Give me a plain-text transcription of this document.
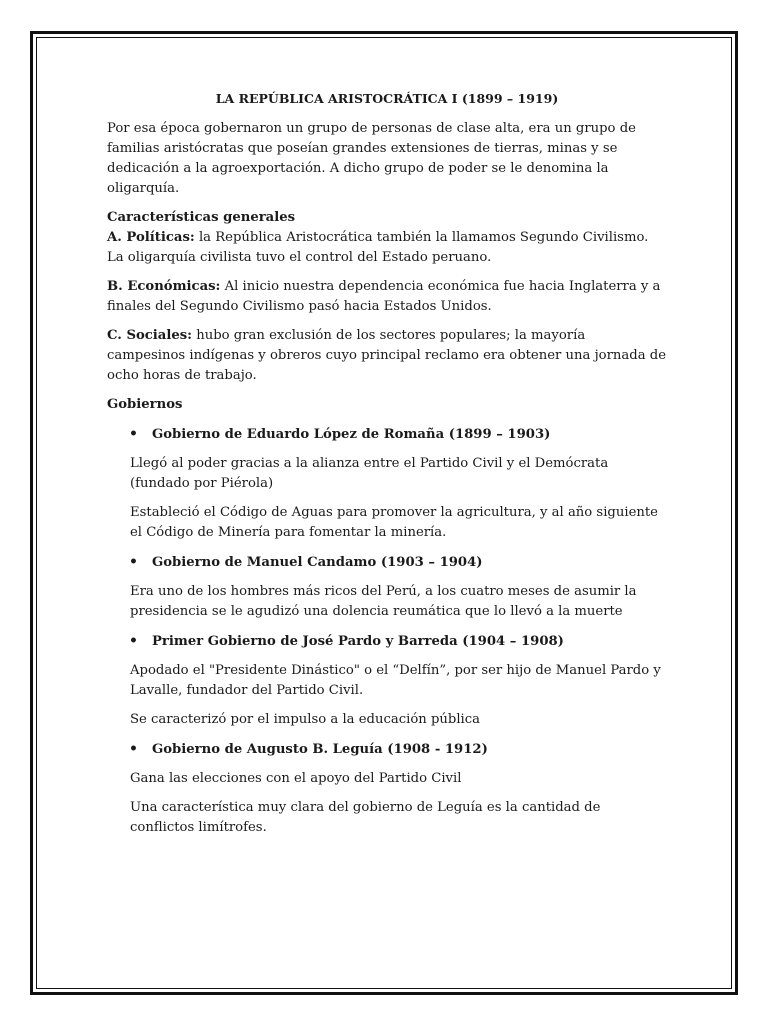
LA REPÚBLICA ARISTOCRÁTICA I (1899 – 1919)

Por esa época gobernaron un grupo de personas de clase alta, era un grupo de familias aristócratas que poseían grandes extensiones de tierras, minas y se dedicación a la agroexportación. A dicho grupo de poder se le denomina la oligarquía.

Características generales

A. Políticas: la República Aristocrática también la llamamos Segundo Civilismo. La oligarquía civilista tuvo el control del Estado peruano.

B. Económicas: Al inicio nuestra dependencia económica fue hacia Inglaterra y a finales del Segundo Civilismo pasó hacia Estados Unidos.

C. Sociales: hubo gran exclusión de los sectores populares; la mayoría campesinos indígenas y obreros cuyo principal reclamo era obtener una jornada de ocho horas de trabajo.

Gobiernos
•	Gobierno de Eduardo López de Romaña (1899 – 1903)

Llegó al poder gracias a la alianza entre el Partido Civil y el Demócrata (fundado por Piérola)

Estableció el Código de Aguas para promover la agricultura, y al año siguiente el Código de Minería para fomentar la minería.

•	Gobierno de Manuel Candamo (1903 – 1904)

Era uno de los hombres más ricos del Perú, a los cuatro meses de asumir la presidencia se le agudizó una dolencia reumática que lo llevó a la muerte

•	Primer Gobierno de José Pardo y Barreda (1904 – 1908)

Apodado el "Presidente Dinástico" o el “Delfín”, por ser hijo de Manuel Pardo y Lavalle, fundador del Partido Civil.

Se caracterizó por el impulso a la educación pública

•	Gobierno de Augusto B. Leguía (1908 - 1912)

Gana las elecciones con el apoyo del Partido Civil

Una característica muy clara del gobierno de Leguía es la cantidad de conflictos limítrofes.
